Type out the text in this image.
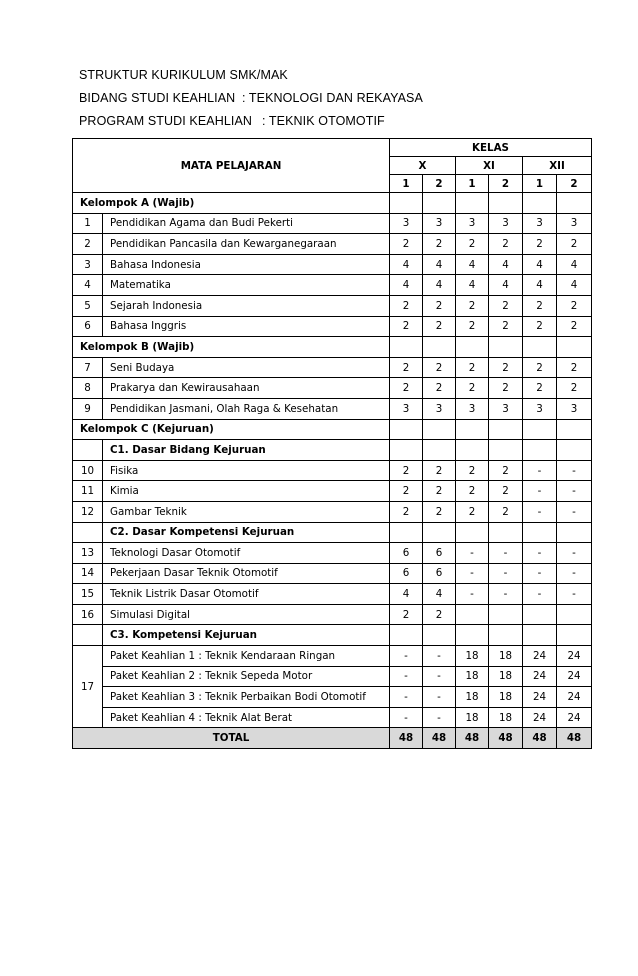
STRUKTUR KURIKULUM SMK/MAK
BIDANG STUDI KEAHLIAN : TEKNOLOGI DAN REKAYASA
PROGRAM STUDI KEAHLIAN : TEKNIK OTOMOTIF
MATA PELAJARAN		KELAS					
		X		XI		XII	
		1	2	1	2	1	2
Kelompok A (Wajib)							
1	Pendidikan Agama dan Budi Pekerti	3	3	3	3	3	3
2	Pendidikan Pancasila dan Kewarganegaraan	2	2	2	2	2	2
3	Bahasa Indonesia	4	4	4	4	4	4
4	Matematika	4	4	4	4	4	4
5	Sejarah Indonesia	2	2	2	2	2	2
6	Bahasa Inggris	2	2	2	2	2	2
Kelompok B (Wajib)							
7	Seni Budaya	2	2	2	2	2	2
8	Prakarya dan Kewirausahaan	2	2	2	2	2	2
9	Pendidikan Jasmani, Olah Raga & Kesehatan	3	3	3	3	3	3
Kelompok C (Kejuruan)							
	C1. Dasar Bidang Kejuruan						
10	Fisika	2	2	2	2	-	-
11	Kimia	2	2	2	2	-	-
12	Gambar Teknik	2	2	2	2	-	-
	C2. Dasar Kompetensi Kejuruan						
13	Teknologi Dasar Otomotif	6	6	-	-	-	-
14	Pekerjaan Dasar Teknik Otomotif	6	6	-	-	-	-
15	Teknik Listrik Dasar Otomotif	4	4	-	-	-	-
16	Simulasi Digital	2	2				
	C3. Kompetensi Kejuruan						
17	Paket Keahlian 1 : Teknik Kendaraan Ringan	-	-	18	18	24	24
	Paket Keahlian 2 : Teknik Sepeda Motor	-	-	18	18	24	24
	Paket Keahlian 3 : Teknik Perbaikan Bodi Otomotif	-	-	18	18	24	24
	Paket Keahlian 4 : Teknik Alat Berat	-	-	18	18	24	24
TOTAL		48	48	48	48	48	48
